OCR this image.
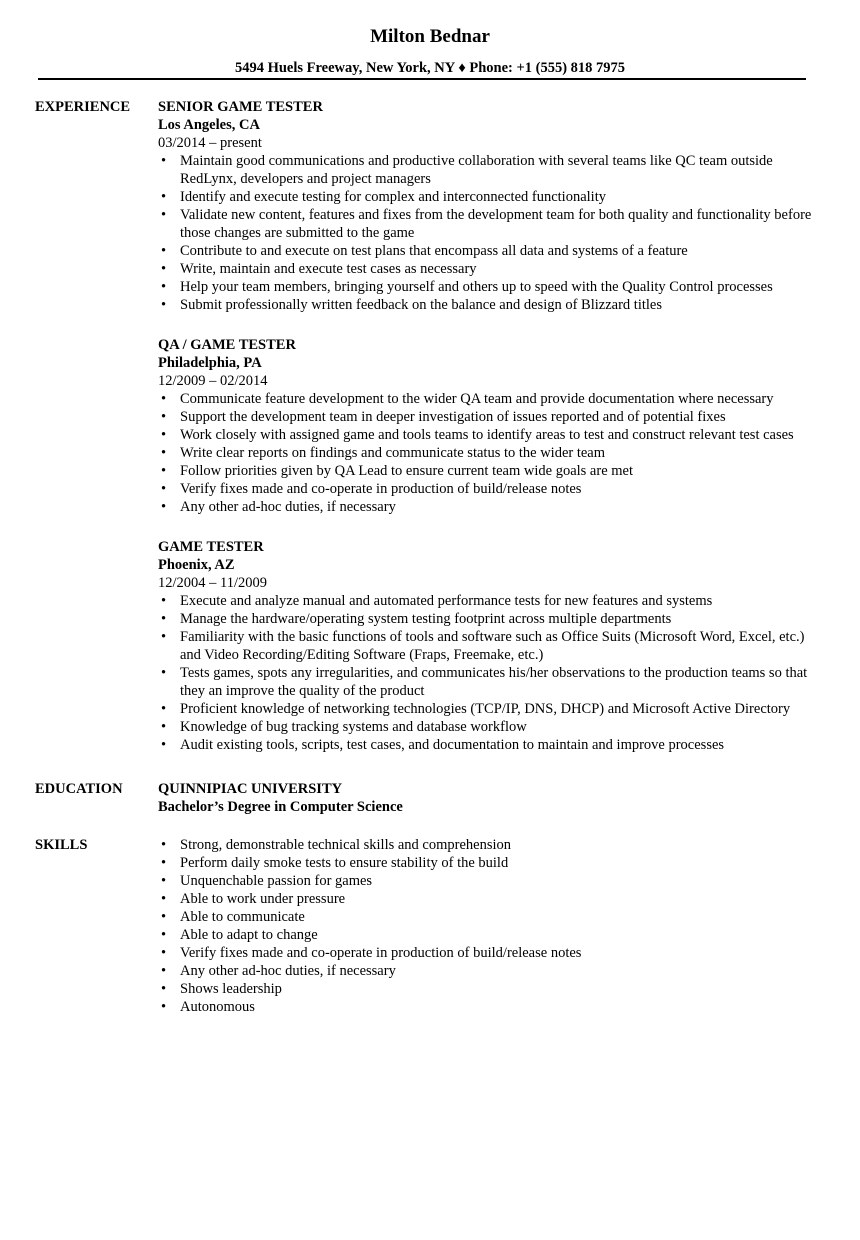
Milton Bednar
5494 Huels Freeway, New York, NY ♦ Phone: +1 (555) 818 7975
EXPERIENCE SENIOR GAME TESTER

Los Angeles, CA

03/2014 – present

• Maintain good communications and productive collaboration with several teams like QC team outside RedLynx, developers and project managers
• Identify and execute testing for complex and interconnected functionality
• Validate new content, features and fixes from the development team for both quality and functionality before those changes are submitted to the game
• Contribute to and execute on test plans that encompass all data and systems of a feature
• Write, maintain and execute test cases as necessary
• Help your team members, bringing yourself and others up to speed with the Quality Control processes
• Submit professionally written feedback on the balance and design of Blizzard titles

QA / GAME TESTER

Philadelphia, PA

12/2009 – 02/2014

• Communicate feature development to the wider QA team and provide documentation where necessary
• Support the development team in deeper investigation of issues reported and of potential fixes
• Work closely with assigned game and tools teams to identify areas to test and construct relevant test cases
• Write clear reports on findings and communicate status to the wider team
• Follow priorities given by QA Lead to ensure current team wide goals are met
• Verify fixes made and co-operate in production of build/release notes
• Any other ad-hoc duties, if necessary

GAME TESTER

Phoenix, AZ

12/2004 – 11/2009

• Execute and analyze manual and automated performance tests for new features and systems
• Manage the hardware/operating system testing footprint across multiple departments
• Familiarity with the basic functions of tools and software such as Office Suits (Microsoft Word, Excel, etc.) and Video Recording/Editing Software (Fraps, Freemake, etc.)
• Tests games, spots any irregularities, and communicates his/her observations to the production teams so that they an improve the quality of the product
• Proficient knowledge of networking technologies (TCP/IP, DNS, DHCP) and Microsoft Active Directory
• Knowledge of bug tracking systems and database workflow
• Audit existing tools, scripts, test cases, and documentation to maintain and improve processes
EDUCATION QUINNIPIAC UNIVERSITY

Bachelor’s Degree in Computer Science

SKILLS	• Strong, demonstrable technical skills and comprehension
• Perform daily smoke tests to ensure stability of the build
• Unquenchable passion for games
• Able to work under pressure
• Able to communicate
• Able to adapt to change
• Verify fixes made and co-operate in production of build/release notes
• Any other ad-hoc duties, if necessary
• Shows leadership
• Autonomous
